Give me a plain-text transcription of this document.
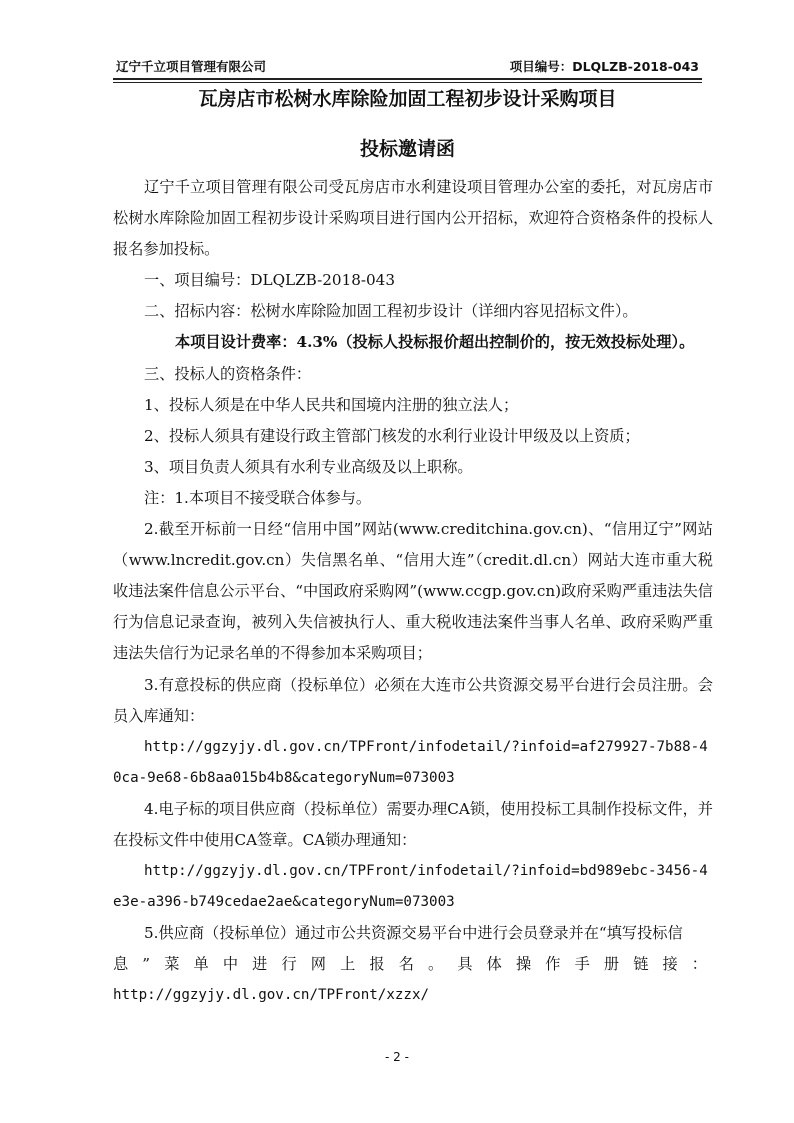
辽宁千立项目管理有限公司	项目编号：DLQLZB-2018-043
瓦房店市松树水库除险加固工程初步设计采购项目
投标邀请函

辽宁千立项目管理有限公司受瓦房店市水利建设项目管理办公室的委托，对瓦房店市松树水库除险加固工程初步设计采购项目进行国内公开招标，欢迎符合资格条件的投标人报名参加投标。

一、项目编号：DLQLZB-2018-043

二、招标内容：松树水库除险加固工程初步设计（详细内容见招标文件）。

本项目设计费率：4.3%（投标人投标报价超出控制价的，按无效投标处理）。

三、投标人的资格条件：

1、投标人须是在中华人民共和国境内注册的独立法人；

2、投标人须具有建设行政主管部门核发的水利行业设计甲级及以上资质；

3、项目负责人须具有水利专业高级及以上职称。

注：1.本项目不接受联合体参与。

2.截至开标前一日经“信用中国”网站(www.creditchina.gov.cn)、“信用辽宁”网站（www.lncredit.gov.cn）失信黑名单、“信用大连”（credit.dl.cn）网站大连市重大税收违法案件信息公示平台、“中国政府采购网”(www.ccgp.gov.cn)政府采购严重违法失信行为信息记录查询，被列入失信被执行人、重大税收违法案件当事人名单、政府采购严重违法失信行为记录名单的不得参加本采购项目；

3.有意投标的供应商（投标单位）必须在大连市公共资源交易平台进行会员注册。会员入库通知：

http://ggzyjy.dl.gov.cn/TPFront/infodetail/?infoid=af279927-7b88-40ca-9e68-6b8aa015b4b8&categoryNum=073003

4.电子标的项目供应商（投标单位）需要办理CA锁，使用投标工具制作投标文件，并在投标文件中使用CA签章。CA锁办理通知：

http://ggzyjy.dl.gov.cn/TPFront/infodetail/?infoid=bd989ebc-3456-4e3e-a396-b749cedae2ae&categoryNum=073003

5.供应商（投标单位）通过市公共资源交易平台中进行会员登录并在“填写投标信

息”菜单中进行网上报名。具体操作手册链接：

http://ggzyjy.dl.gov.cn/TPFront/xzzx/

- 2 -
